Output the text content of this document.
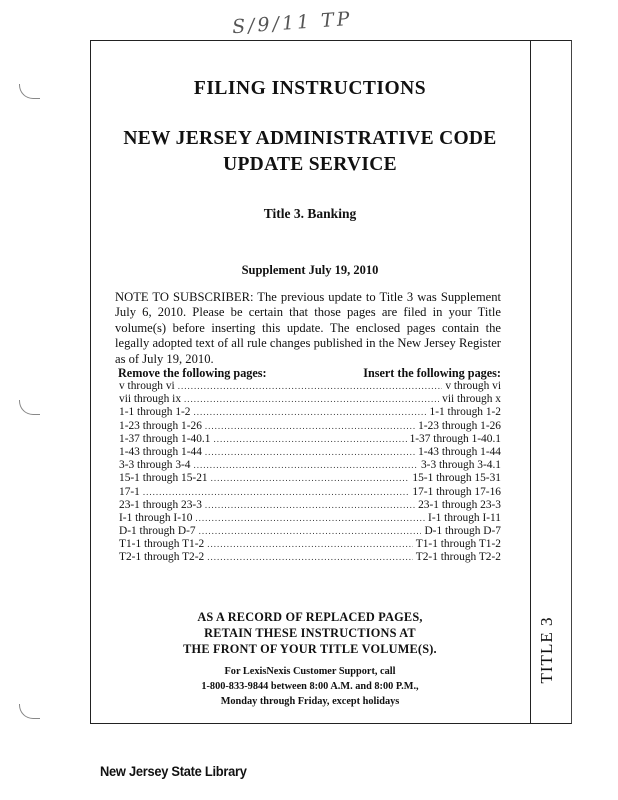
S/9/11 TP
TITLE 3
FILING INSTRUCTIONS
NEW JERSEY ADMINISTRATIVE CODE
UPDATE SERVICE
Title 3. Banking
Supplement July 19, 2010
NOTE TO SUBSCRIBER: The previous update to Title 3 was Supplement July 6, 2010. Please be certain that those pages are filed in your Title volume(s) before inserting this update. The enclosed pages contain the legally adopted text of all rule changes published in the New Jersey Register as of July 19, 2010.
Remove the following pages:	Insert the following pages:
v through vi .....	v through vi
vii through ix .....	vii through x
1-1 through 1-2 .....	1-1 through 1-2
1-23 through 1-26 .....	1-23 through 1-26
1-37 through 1-40.1 .....	1-37 through 1-40.1
1-43 through 1-44 .....	1-43 through 1-44
3-3 through 3-4 .....	3-3 through 3-4.1
15-1 through 15-21 .....	15-1 through 15-31
17-1 .....	17-1 through 17-16
23-1 through 23-3 .....	23-1 through 23-3
I-1 through I-10 .....	I-1 through I-11
D-1 through D-7 .....	D-1 through D-7
T1-1 through T1-2 .....	T1-1 through T1-2
T2-1 through T2-2 .....	T2-1 through T2-2
AS A RECORD OF REPLACED PAGES,
RETAIN THESE INSTRUCTIONS AT
THE FRONT OF YOUR TITLE VOLUME(S).
For LexisNexis Customer Support, call
1-800-833-9844 between 8:00 A.M. and 8:00 P.M.,
Monday through Friday, except holidays
New Jersey State Library
